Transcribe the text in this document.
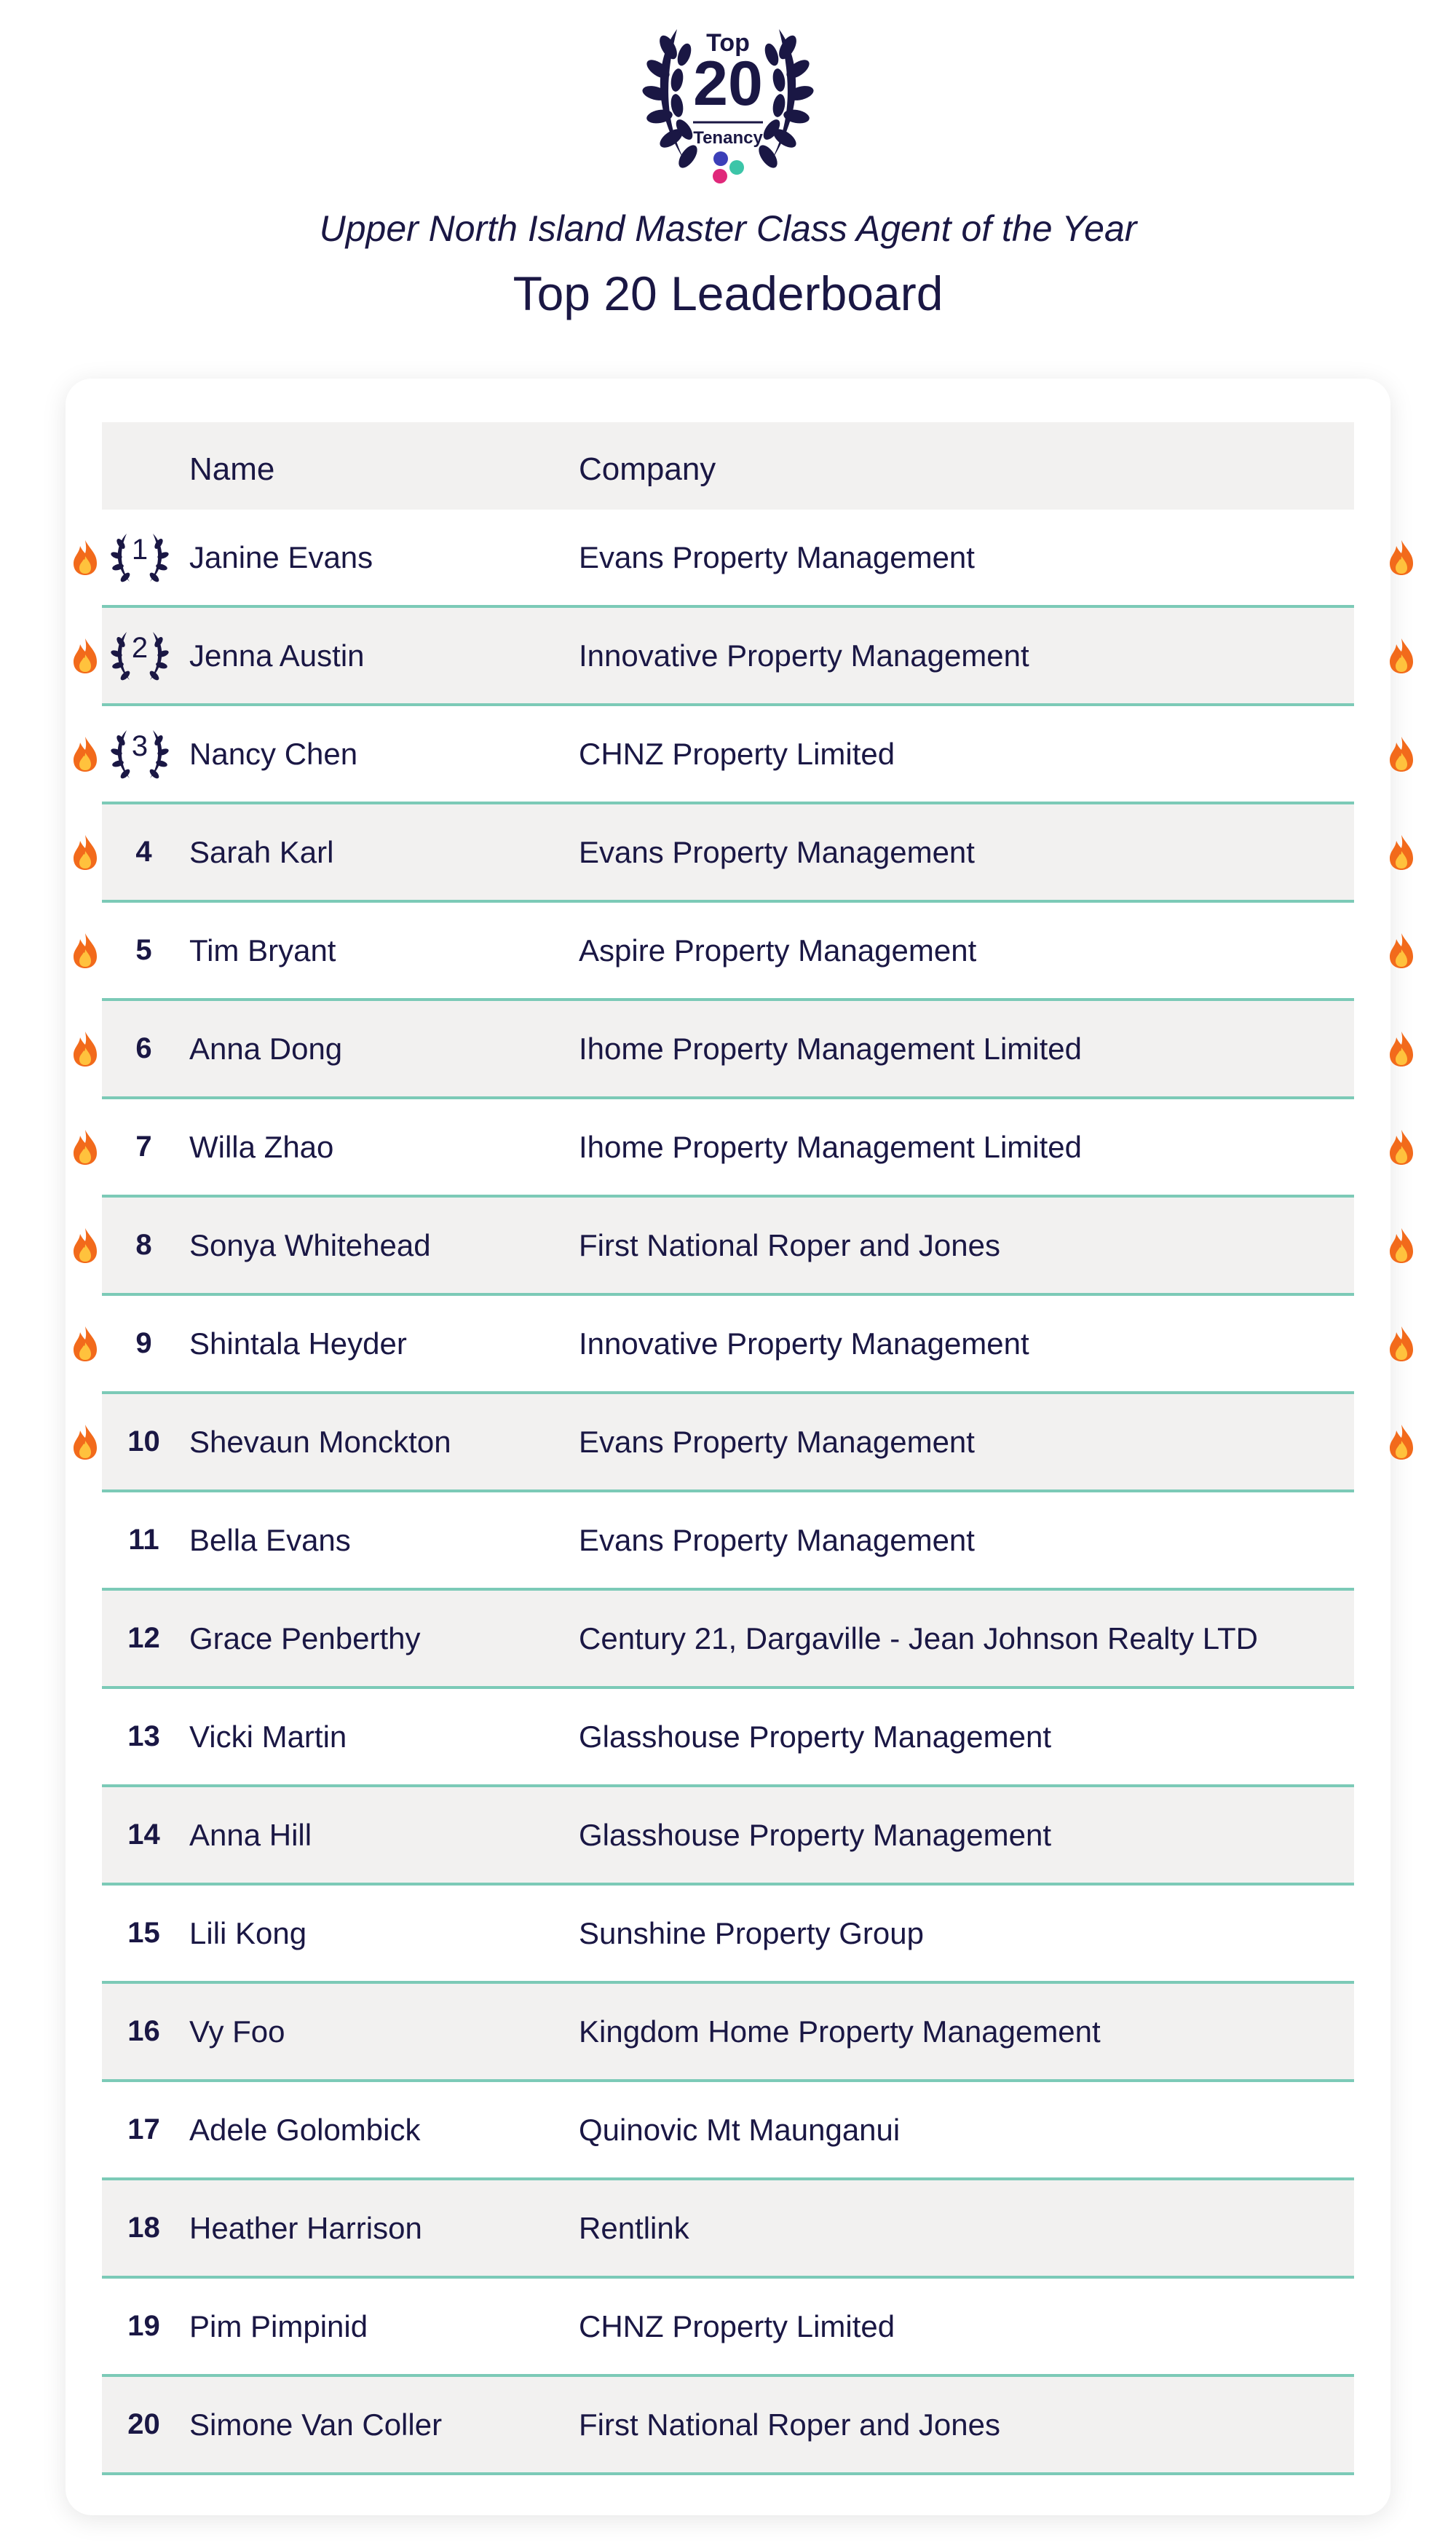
Top
20
Tenancy
Upper North Island Master Class Agent of the Year
Top 20 Leaderboard
Name	Company
1	Janine Evans	Evans Property Management
2	Jenna Austin	Innovative Property Management
3	Nancy Chen	CHNZ Property Limited
4	Sarah Karl	Evans Property Management
5	Tim Bryant	Aspire Property Management
6	Anna Dong	Ihome Property Management Limited
7	Willa Zhao	Ihome Property Management Limited
8	Sonya Whitehead	First National Roper and Jones
9	Shintala Heyder	Innovative Property Management
10 Shevaun Monckton	Evans Property Management
11 Bella Evans	Evans Property Management
12 Grace Penberthy	Century 21, Dargaville - Jean Johnson Realty LTD
13 Vicki Martin	Glasshouse Property Management
14 Anna Hill	Glasshouse Property Management
15 Lili Kong	Sunshine Property Group
16 Vy Foo	Kingdom Home Property Management
17 Adele Golombick	Quinovic Mt Maunganui
18 Heather Harrison	Rentlink
19 Pim Pimpinid	CHNZ Property Limited
20 Simone Van Coller	First National Roper and Jones
